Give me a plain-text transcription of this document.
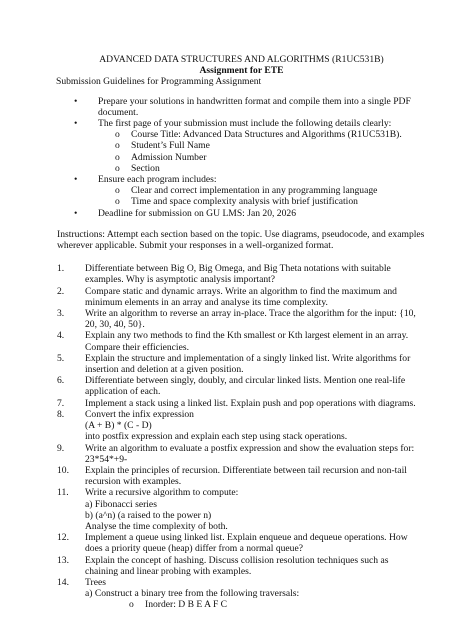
ADVANCED DATA STRUCTURES AND ALGORITHMS (R1UC531B)
Assignment for ETE
Submission Guidelines for Programming Assignment
• Prepare your solutions in handwritten format and compile them into a single PDF
document.
• The first page of your submission must include the following details clearly:
o Course Title: Advanced Data Structures and Algorithms (R1UC531B).
o Student’s Full Name
o Admission Number
o Section
• Ensure each program includes:
o Clear and correct implementation in any programming language
o Time and space complexity analysis with brief justification
• Deadline for submission on GU LMS: Jan 20, 2026
Instructions: Attempt each section based on the topic. Use diagrams, pseudocode, and examples
wherever applicable. Submit your responses in a well-organized format.
1.	Differentiate between Big O, Big Omega, and Big Theta notations with suitable
examples. Why is asymptotic analysis important?
2.	Compare static and dynamic arrays. Write an algorithm to find the maximum and
minimum elements in an array and analyse its time complexity.
3.	Write an algorithm to reverse an array in-place. Trace the algorithm for the input: {10,
20, 30, 40, 50}.
4.	Explain any two methods to find the Kth smallest or Kth largest element in an array.
Compare their efficiencies.
5.	Explain the structure and implementation of a singly linked list. Write algorithms for
insertion and deletion at a given position.
6.	Differentiate between singly, doubly, and circular linked lists. Mention one real-life
application of each.
7.	Implement a stack using a linked list. Explain push and pop operations with diagrams.
8.	Convert the infix expression
(A + B) * (C - D)
into postfix expression and explain each step using stack operations.
9.	Write an algorithm to evaluate a postfix expression and show the evaluation steps for:
23*54*+9-
10.	Explain the principles of recursion. Differentiate between tail recursion and non-tail
recursion with examples.
11.	Write a recursive algorithm to compute:
a) Fibonacci series
b) (a^n) (a raised to the power n)
Analyse the time complexity of both.
12.	Implement a queue using linked list. Explain enqueue and dequeue operations. How
does a priority queue (heap) differ from a normal queue?
13.	Explain the concept of hashing. Discuss collision resolution techniques such as
chaining and linear probing with examples.
14.	Trees
a) Construct a binary tree from the following traversals:
o Inorder: D B E A F C
